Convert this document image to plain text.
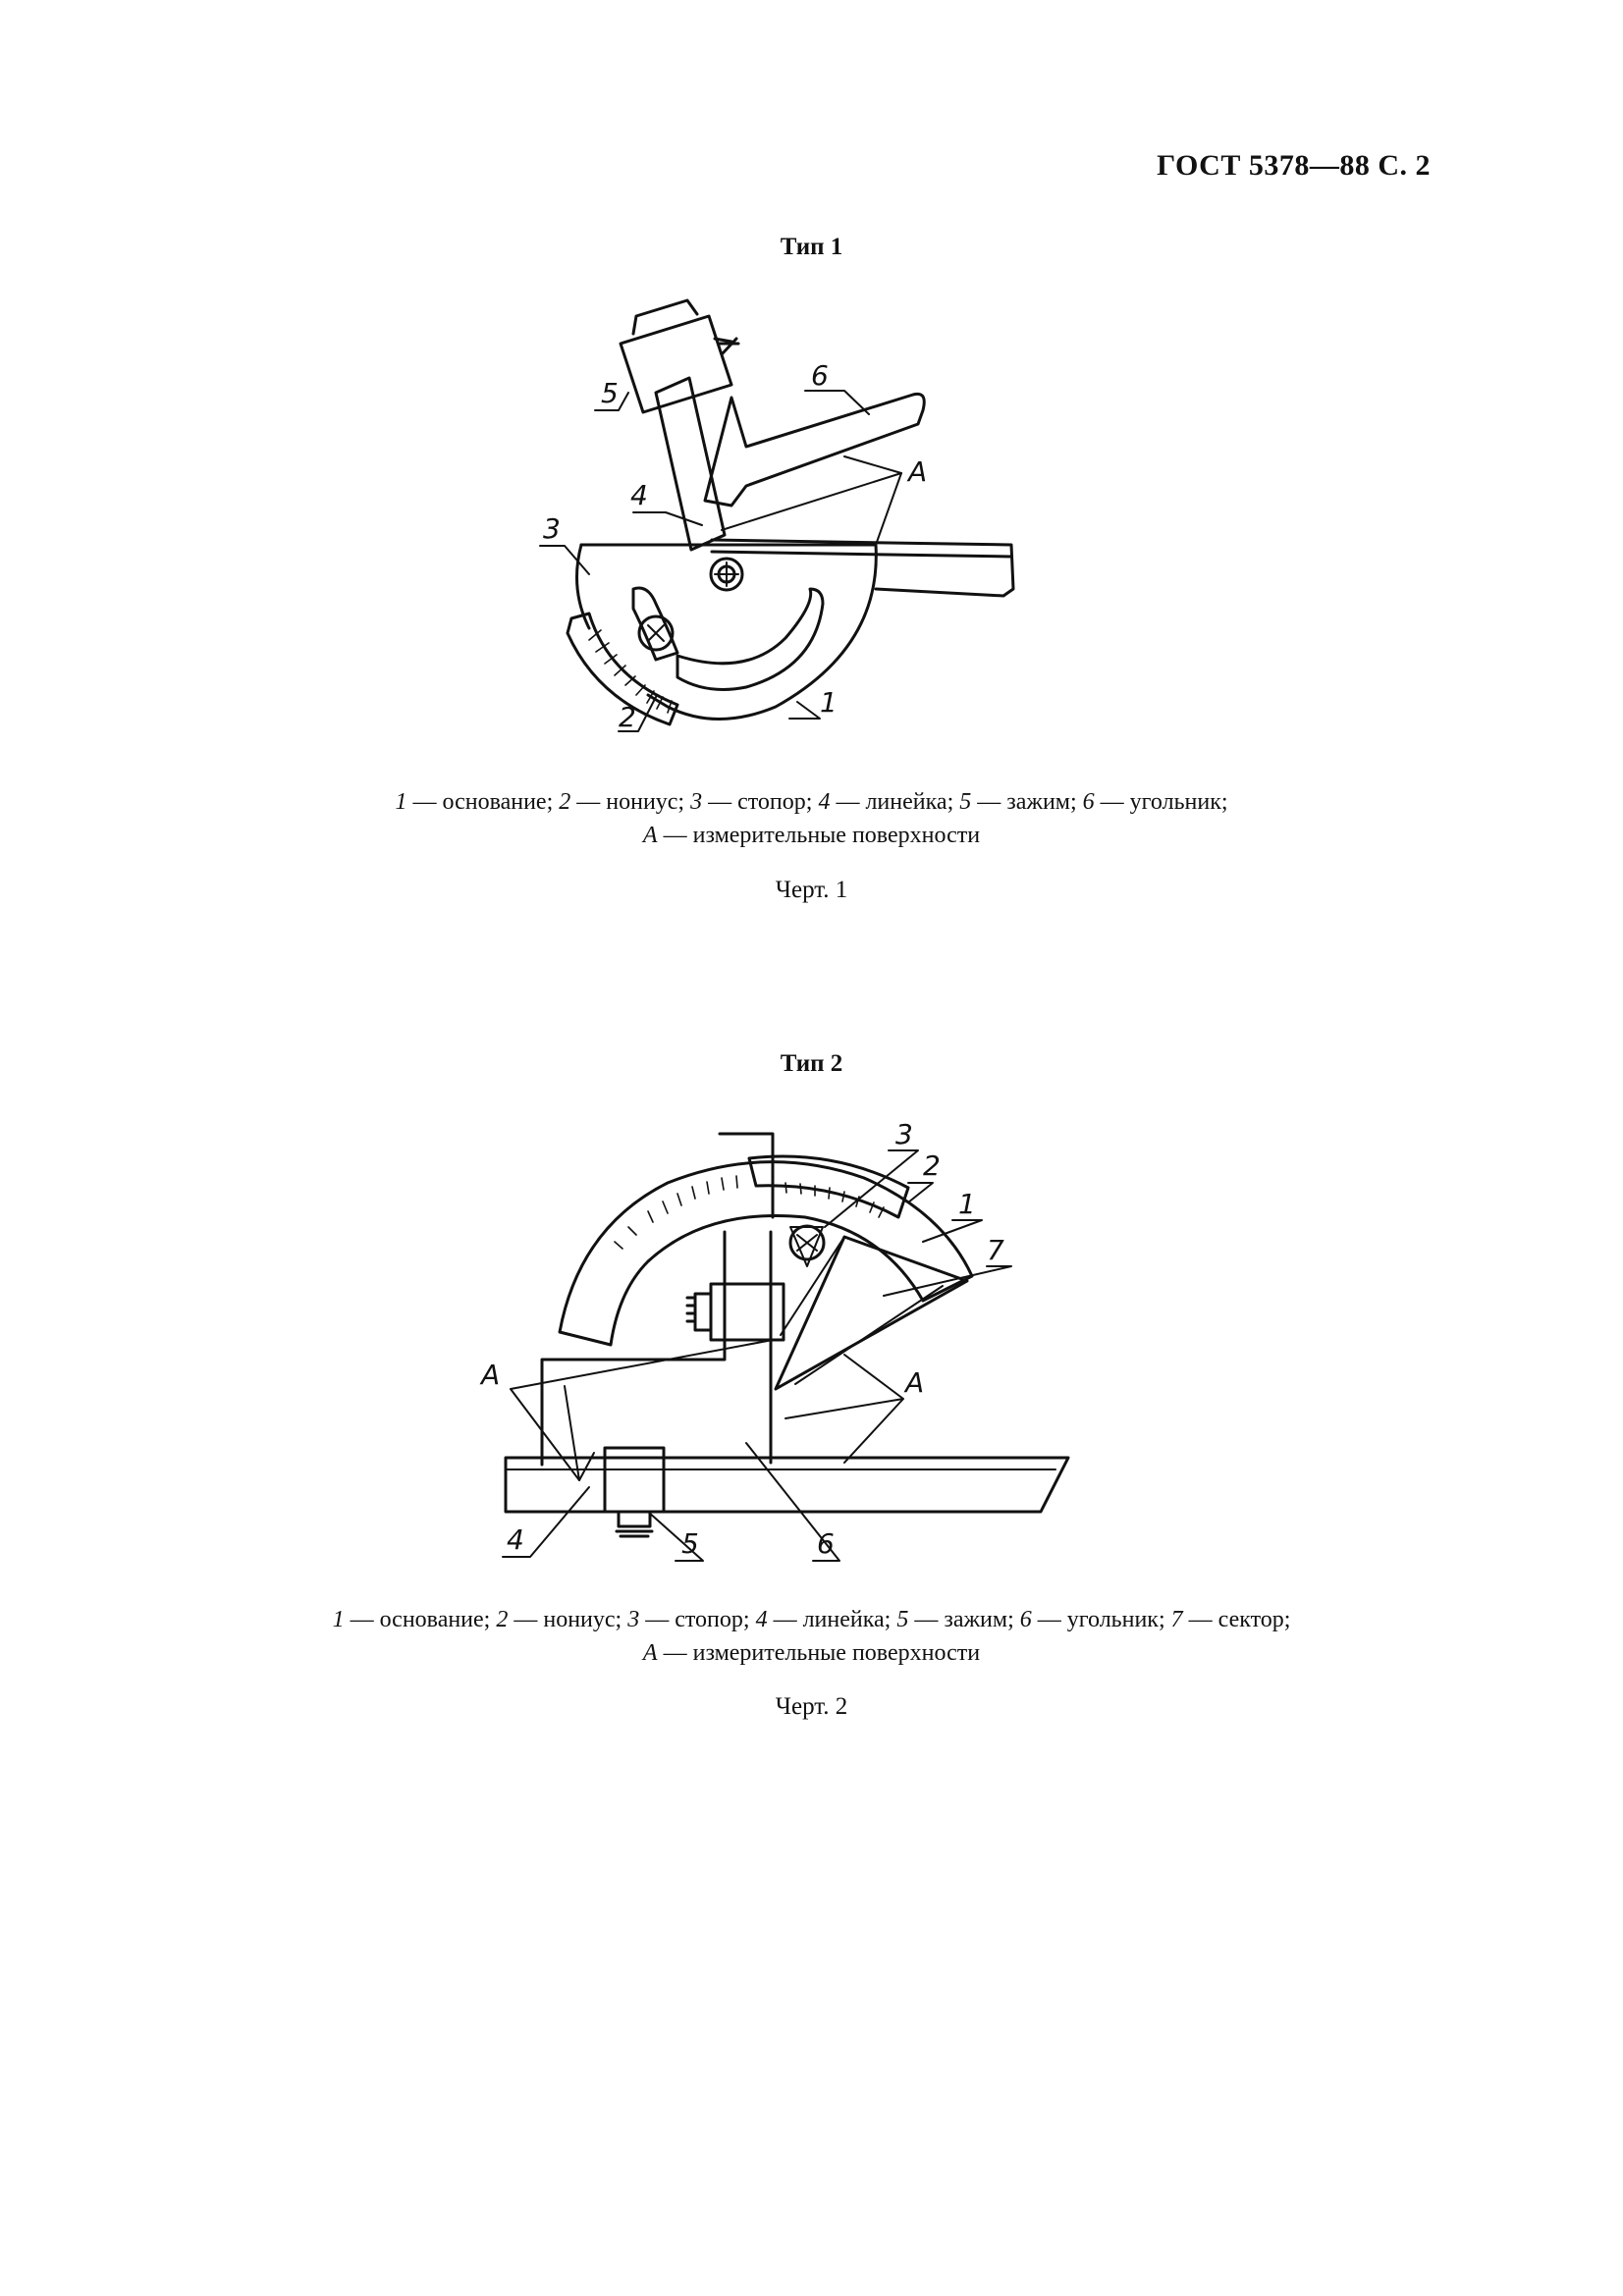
ГОСТ 5378—88 С. 2
Тип 1
5
6
А
4
3
2	1
1 — основание; 2 — нониус; 3 — стопор; 4 — линейка; 5 — зажим; 6 — угольник;
А — измерительные поверхности
Черт. 1
Тип 2
3
2
1
7
А	А
4	5	6
1 — основание; 2 — нониус; 3 — стопор; 4 — линейка; 5 — зажим; 6 — угольник; 7 — сектор;
А — измерительные поверхности
Черт. 2
